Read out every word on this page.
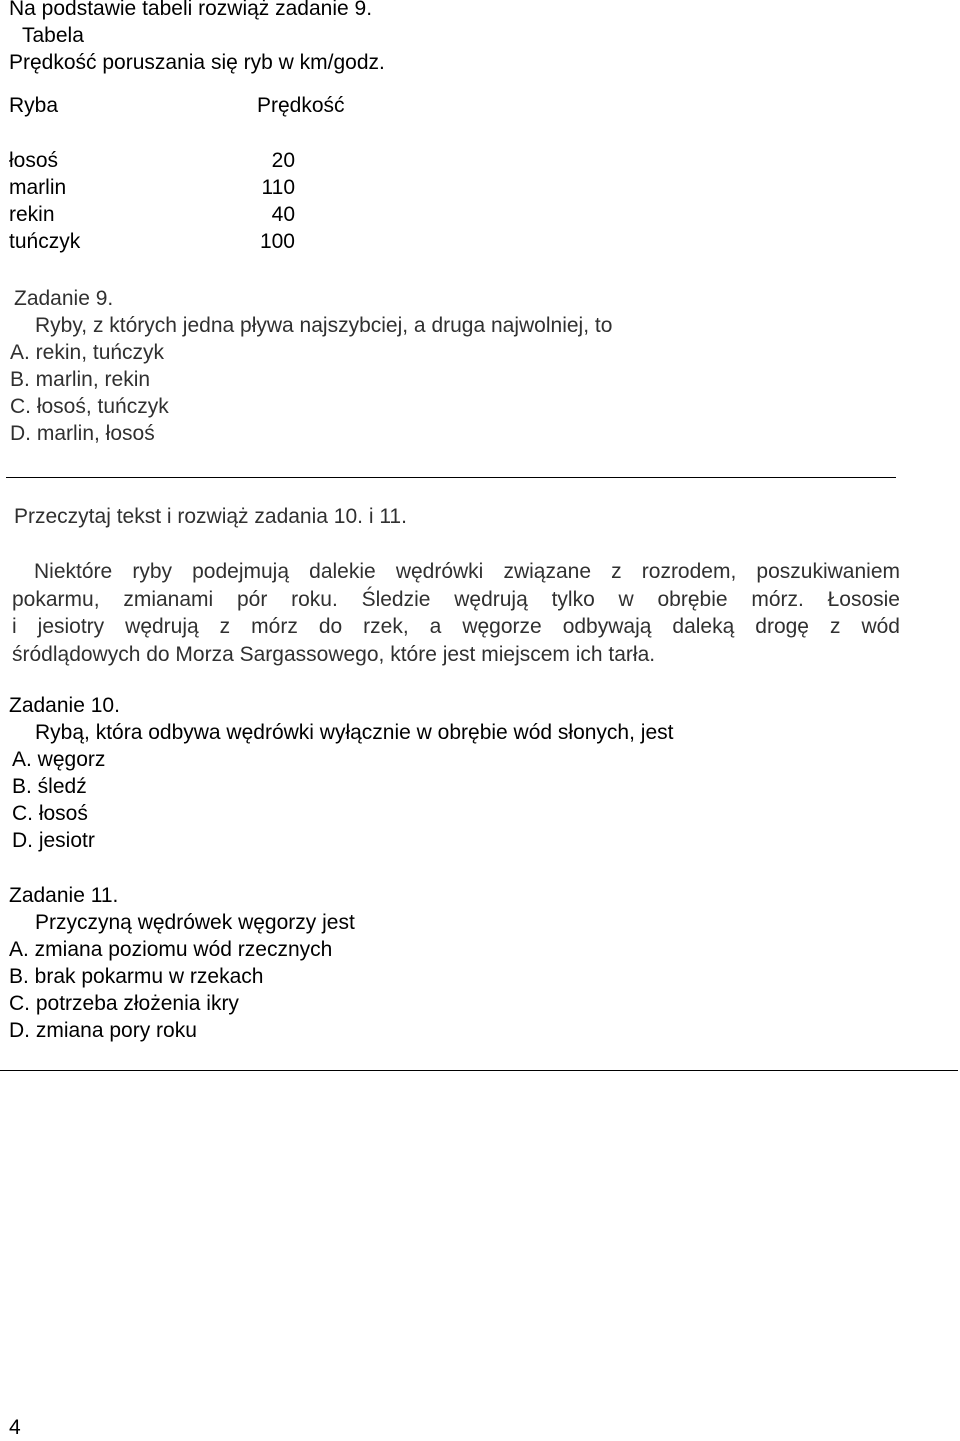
Na podstawie tabeli rozwiąż zadanie 9.
Tabela
Prędkość poruszania się ryb w km/godz.
Ryba	Prędkość
łosoś	20
marlin	110
rekin	40
tuńczyk	100
Zadanie 9.
Ryby, z których jedna pływa najszybciej, a druga najwolniej, to
A. rekin, tuńczyk
B. marlin, rekin
C. łosoś, tuńczyk
D. marlin, łosoś
Przeczytaj tekst i rozwiąż zadania 10. i 11.
Niektóre ryby podejmują dalekie wędrówki związane z rozrodem, poszukiwaniem
pokarmu, zmianami pór roku. Śledzie wędrują tylko w obrębie mórz. Łososie
i jesiotry wędrują z mórz do rzek, a węgorze odbywają daleką drogę z wód
śródlądowych do Morza Sargassowego, które jest miejscem ich tarła.
Zadanie 10.
Rybą, która odbywa wędrówki wyłącznie w obrębie wód słonych, jest
A. węgorz
B. śledź
C. łosoś
D. jesiotr
Zadanie 11.
Przyczyną wędrówek węgorzy jest
A. zmiana poziomu wód rzecznych
B. brak pokarmu w rzekach
C. potrzeba złożenia ikry
D. zmiana pory roku
4
